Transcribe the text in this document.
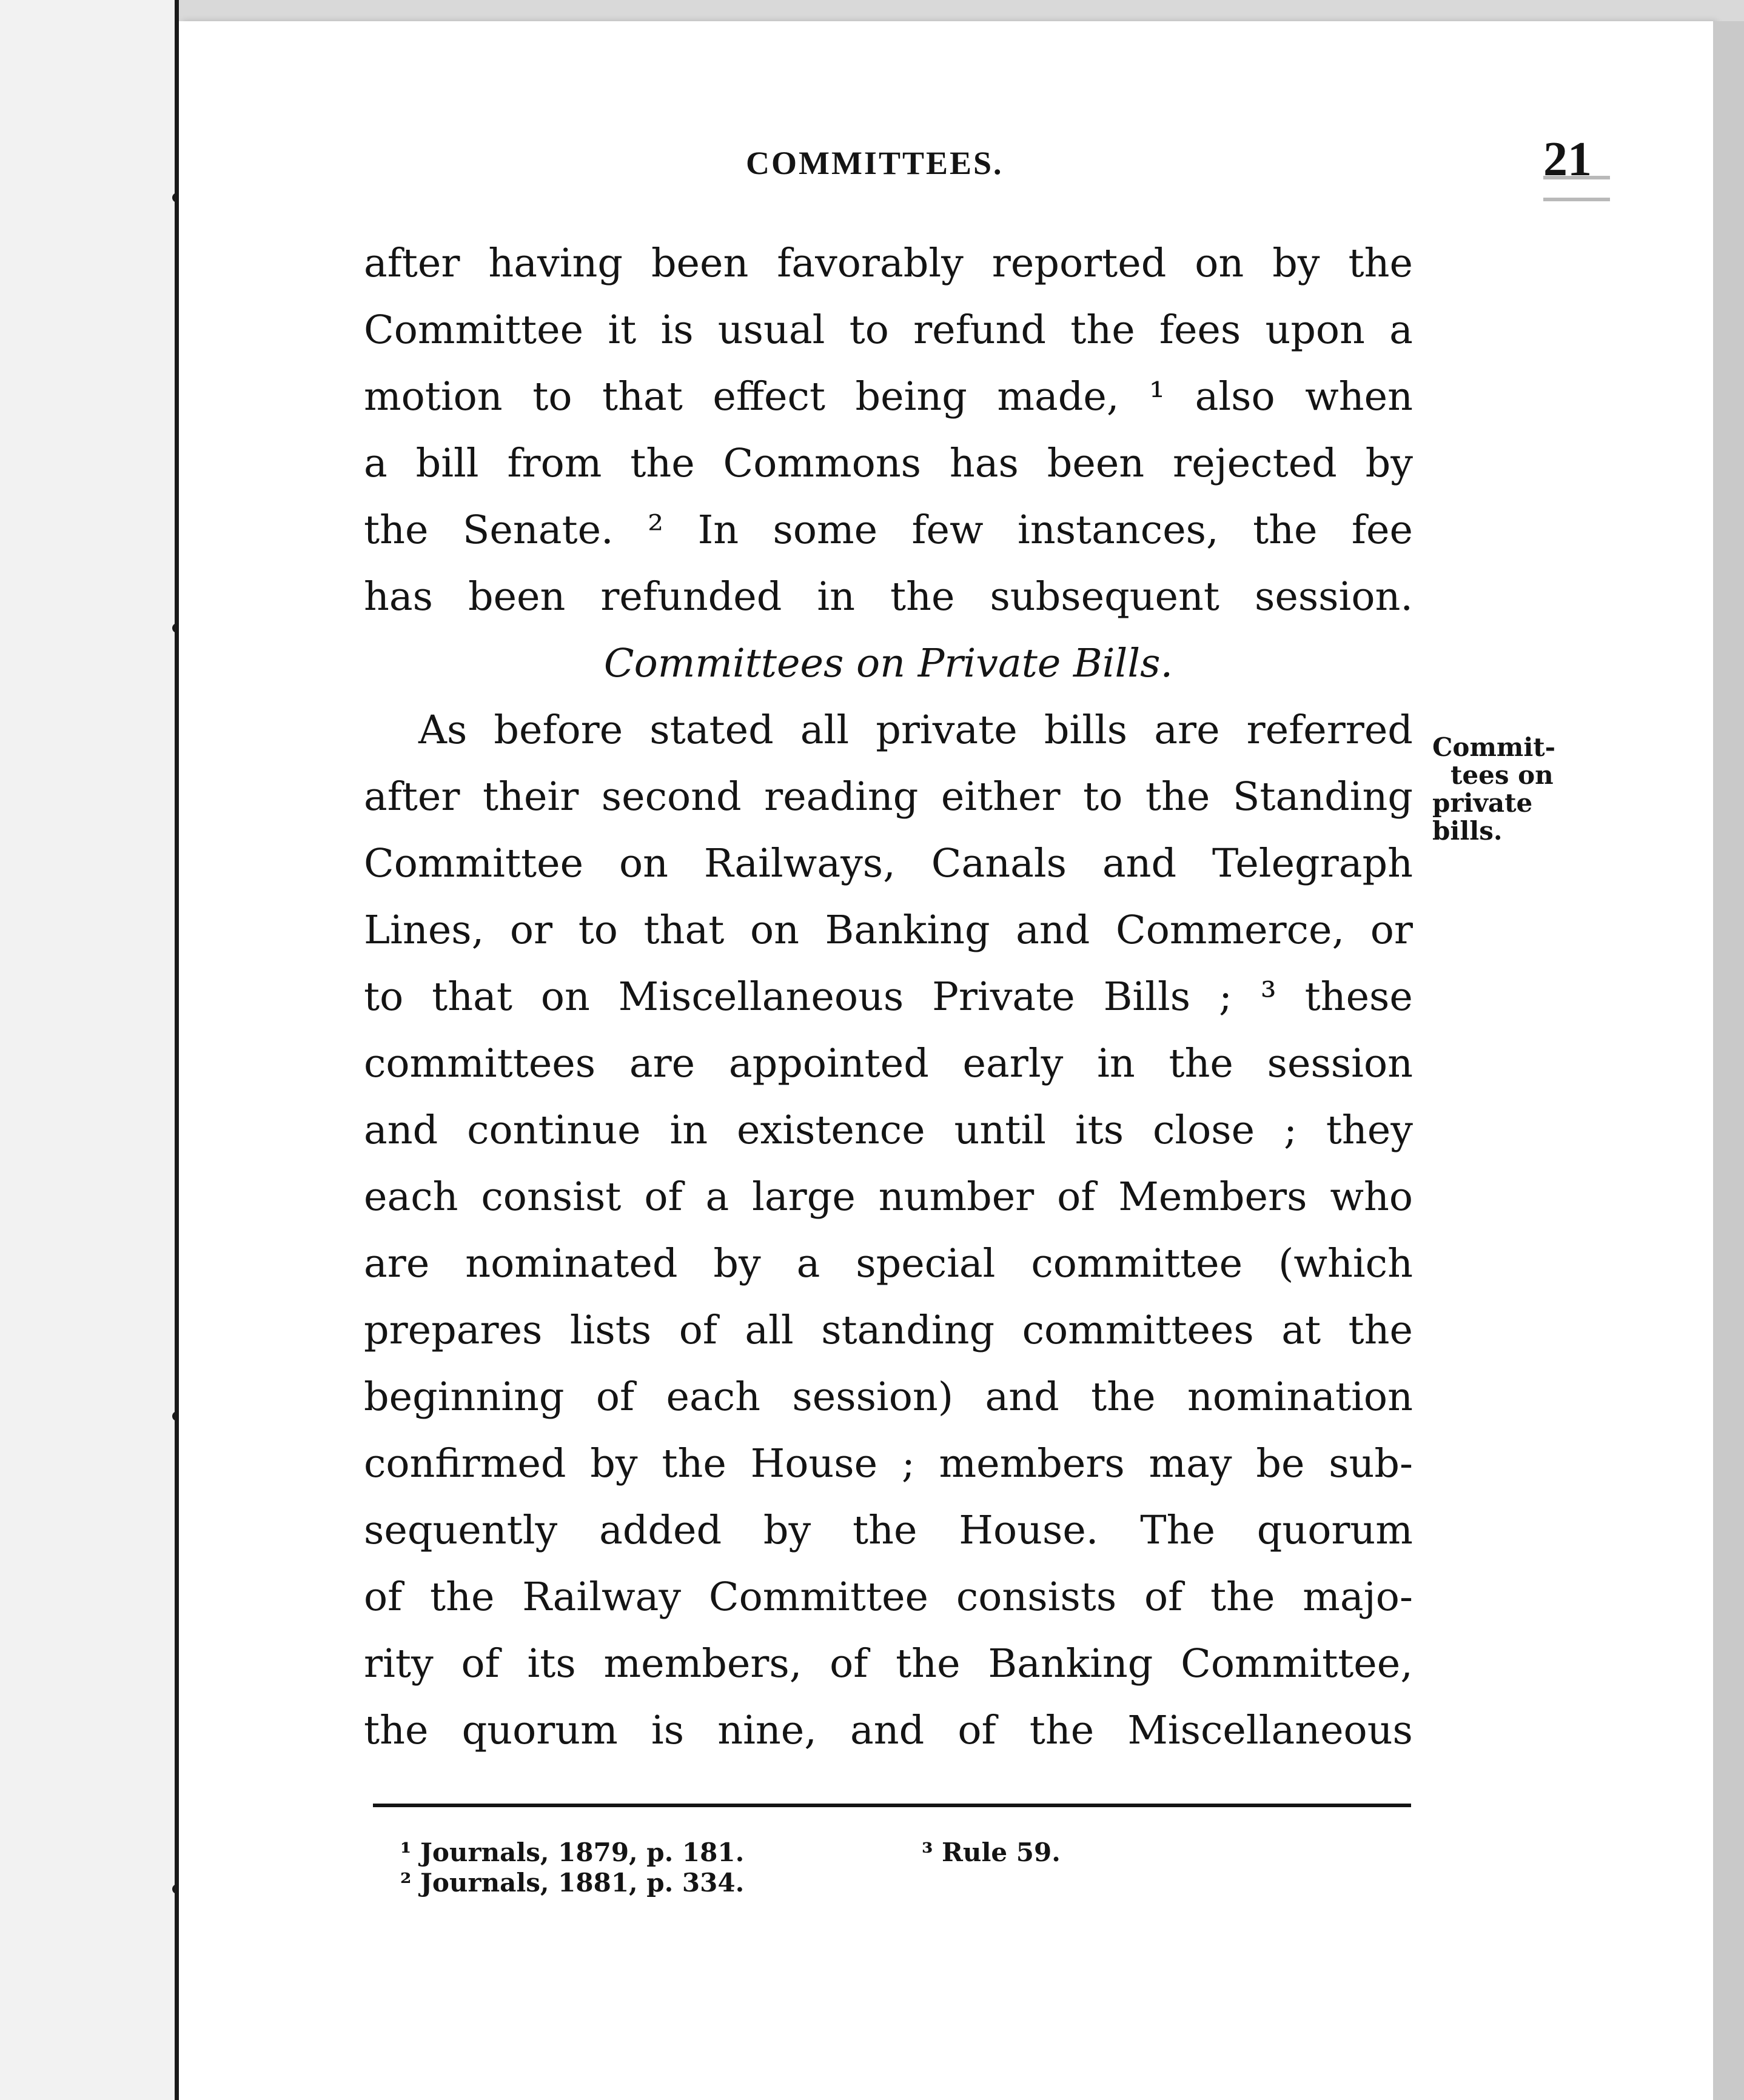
COMMITTEES.	21
after having been favorably reported on by the
Committee it is usual to refund the fees upon a
motion to that effect being made, ¹ also when
a bill from the Commons has been rejected by
the Senate. ² In some few instances, the fee
has been refunded in the subsequent session.
Committees on Private Bills.
As before stated all private bills are referred
after their second reading either to the Standing
Committee on Railways, Canals and Telegraph
Lines, or to that on Banking and Commerce, or
to that on Miscellaneous Private Bills ; ³ these
committees are appointed early in the session
and continue in existence until its close ; they
each consist of a large number of Members who
are nominated by a special committee (which
prepares lists of all standing committees at the
beginning of each session) and the nomination
confirmed by the House ; members may be sub-
sequently added by the House. The quorum
of the Railway Committee consists of the majo-
rity of its members, of the Banking Committee,
the quorum is nine, and of the Miscellaneous
Commit-
tees on
private
bills.
¹ Journals, 1879, p. 181.
² Journals, 1881, p. 334.
³ Rule 59.
